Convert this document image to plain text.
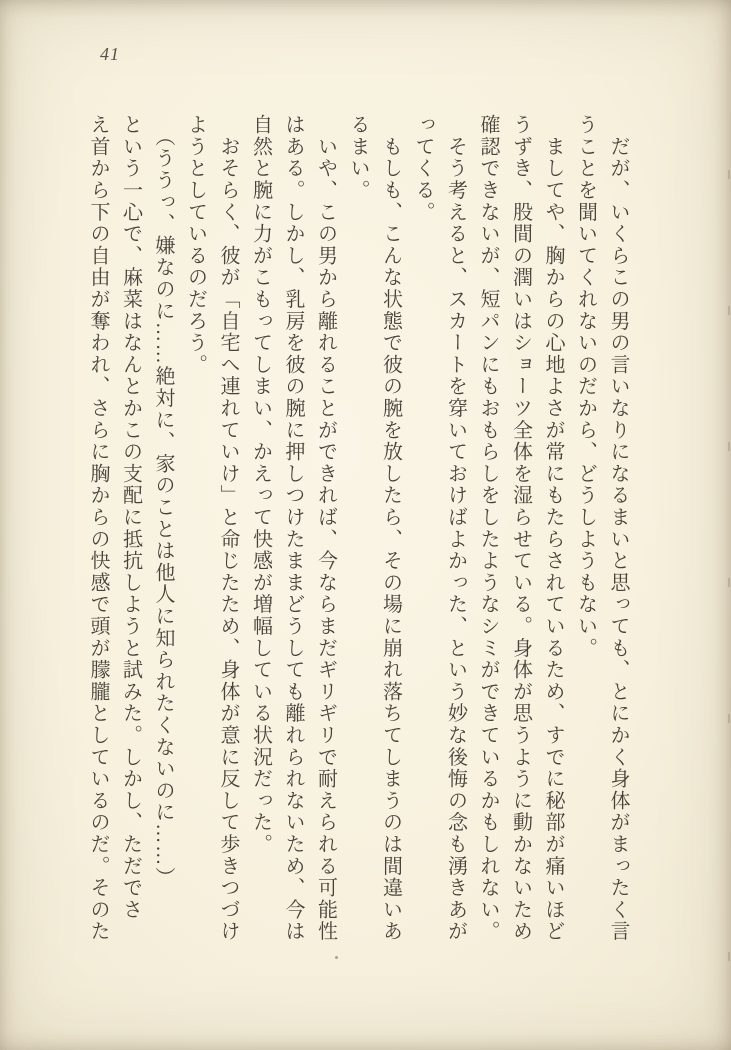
41
　だが、いくらこの男の言いなりになるまいと思っても、とにかく身体がまったく言
うことを聞いてくれないのだから、どうしようもない。
　ましてや、胸からの心地よさが常にもたらされているため、すでに秘部が痛いほど
うずき、股間の潤いはショーツ全体を湿らせている。身体が思うように動かないため
確認できないが、短パンにもおもらしをしたようなシミができているかもしれない。
　そう考えると、スカートを穿いておけばよかった、という妙な後悔の念も湧きあが
ってくる。
　もしも、こんな状態で彼の腕を放したら、その場に崩れ落ちてしまうのは間違いあ
るまい。
　いや、この男から離れることができれば、今ならまだギリギリで耐えられる可能性
はある。しかし、乳房を彼の腕に押しつけたままどうしても離れられないため、今は
自然と腕に力がこもってしまい、かえって快感が増幅している状況だった。
　おそらく、彼が「自宅へ連れていけ」と命じたため、身体が意に反して歩きつづけ
ようとしているのだろう。
　（ううっ、嫌なのに……絶対に、家のことは他人に知られたくないのに……）
という一心で、麻菜はなんとかこの支配に抵抗しようと試みた。しかし、ただでさ
え首から下の自由が奪われ、さらに胸からの快感で頭が朦朧としているのだ。そのた
